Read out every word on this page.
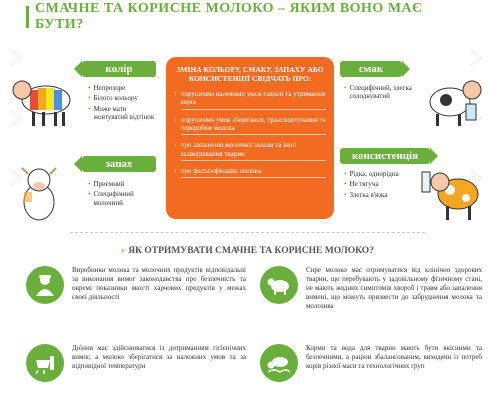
СМАЧНЕ ТА КОРИСНЕ МОЛОКО – ЯКИМ ВОНО МАЄ БУТИ?
ЗМІНА КОЛЬОРУ, СМАКУ, ЗАПАХУ АБО КОНСИСТЕНЦІЇ СВІДЧАТЬ ПРО:
› порушення належних умов годівлі та утримання корів
› порушення умов зберігання, транспортування та переробки молока
› про запалення молочної залози та інші захворювання тварин
› про фальсифікацію молока
колір
• Непрозоре
• Білого кольору
• Може мати жовтуватий відтінок
запах
• Приємний
• Специфічний молочний
смак
• Специфічний, злегка солодкуватий
консистенція
• Рідка, однорідна
• Не тягуча
• Злегка в'язка
› ЯК ОТРИМУВАТИ СМАЧНЕ ТА КОРИСНЕ МОЛОКО?
Виробники молока та молочних продуктів відповідальні за виконання вимог законодавства про безпечність та окремі показники якості харчових продуктів у межах своєї діяльності
Сире молоко має отримуватися від клінічно здорових тварин, що перебувають у задовільному фізичному стані, не мають жодних симптомів хвороб і травм або запалення вимені, що можуть призвести до забруднення молока та молозива
Доїння має здійснюватися із дотриманням гігієнічних вимог, а молоко зберігатися за належних умов та за відповідної температури
Корми та вода для тварин мають бути якісними та безпечними, а раціон збалансованим, виходячи із потреб корів різної маси та технологічних груп
